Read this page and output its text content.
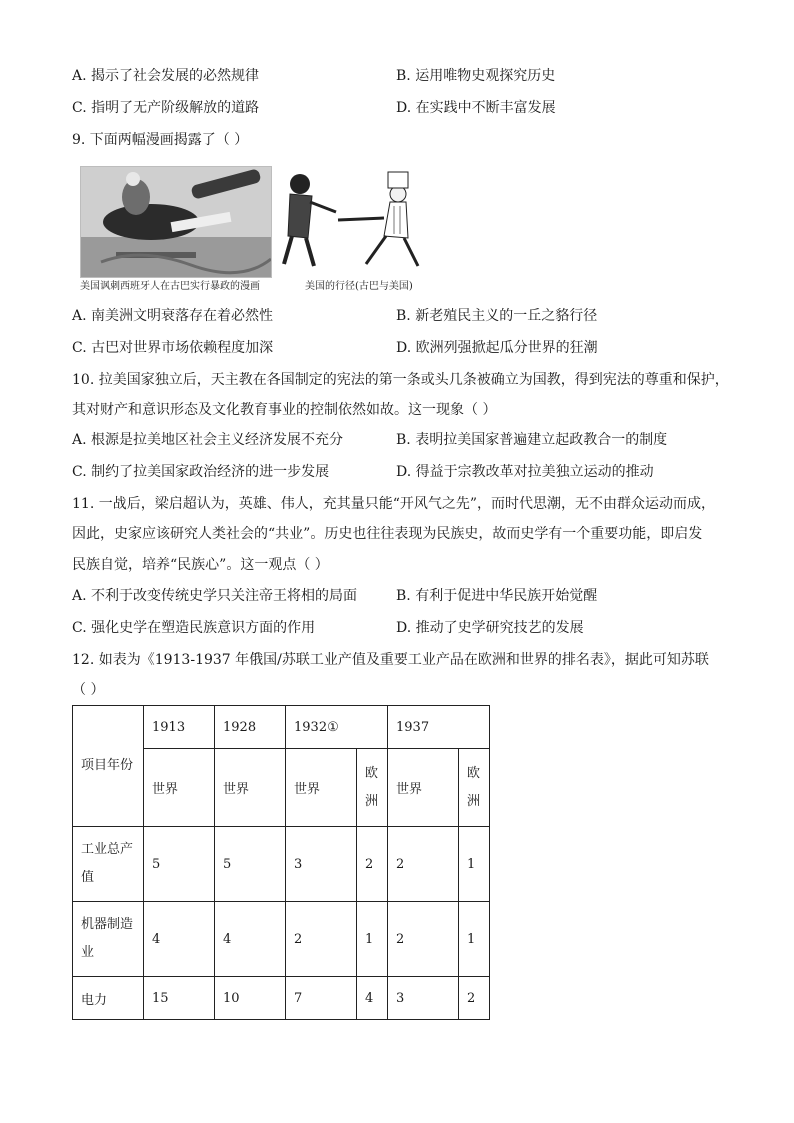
A. 揭示了社会发展的必然规律	B. 运用唯物史观探究历史
C. 指明了无产阶级解放的道路	D. 在实践中不断丰富发展
9. 下面两幅漫画揭露了（ ）
美国讽刺西班牙人在古巴实行暴政的漫画	美国的行径(古巴与美国)
A. 南美洲文明衰落存在着必然性	B. 新老殖民主义的一丘之貉行径
C. 古巴对世界市场依赖程度加深	D. 欧洲列强掀起瓜分世界的狂潮
10. 拉美国家独立后，天主教在各国制定的宪法的第一条或头几条被确立为国教，得到宪法的尊重和保护，
其对财产和意识形态及文化教育事业的控制依然如故。这一现象（ ）
A. 根源是拉美地区社会主义经济发展不充分	B. 表明拉美国家普遍建立起政教合一的制度
C. 制约了拉美国家政治经济的进一步发展	D. 得益于宗教改革对拉美独立运动的推动
11. 一战后，梁启超认为，英雄、伟人，充其量只能“开风气之先”，而时代思潮，无不由群众运动而成，
因此，史家应该研究人类社会的“共业”。历史也往往表现为民族史，故而史学有一个重要功能，即启发
民族自觉，培养“民族心”。这一观点（ ）
A. 不利于改变传统史学只关注帝王将相的局面	B. 有利于促进中华民族开始觉醒
C. 强化史学在塑造民族意识方面的作用	D. 推动了史学研究技艺的发展
12. 如表为《1913-1937 年俄国/苏联工业产值及重要工业产品在欧洲和世界的排名表》，据此可知苏联
（ ）
项目年份	1913	1928	1932①		1937	
	世界	世界	世界	欧洲	世界	欧洲
工业总产值	5	5	3	2	2	1
机器制造业	4	4	2	1	2	1
电力	15	10	7	4	3	2
